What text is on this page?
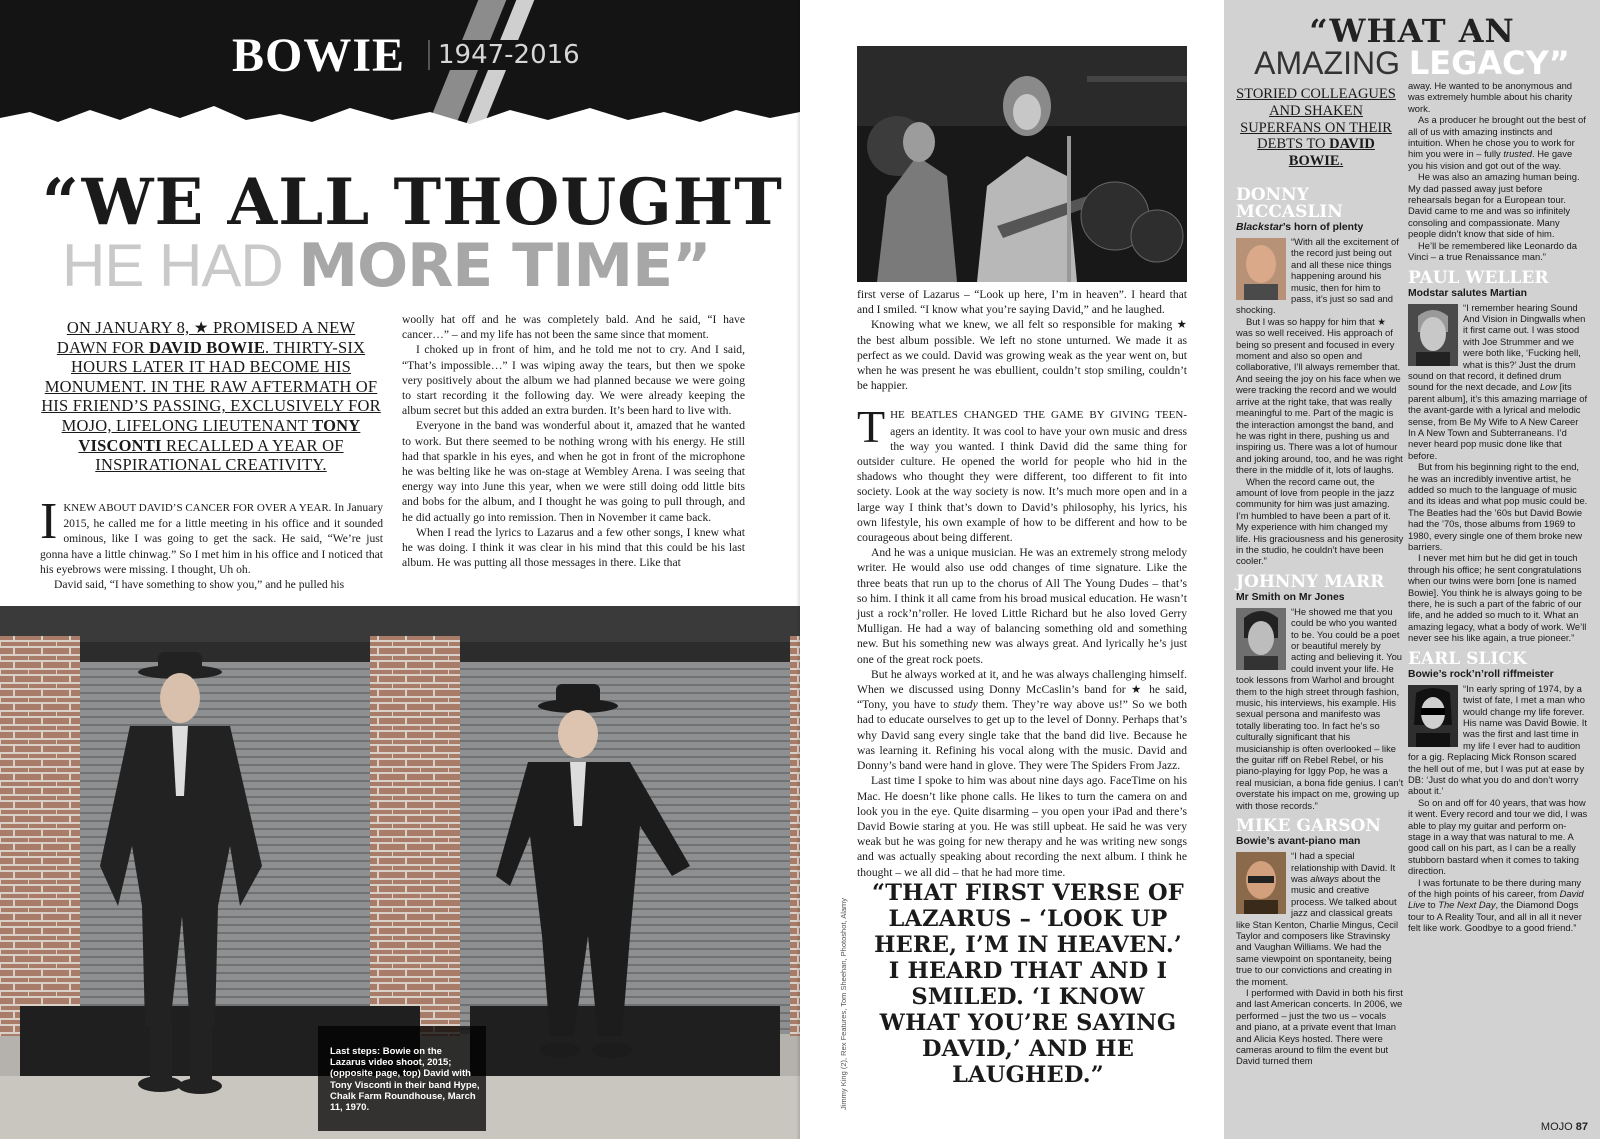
BOWIE	1947-2016
“WE ALL THOUGHT
HE HAD MORE TIME”
ON JANUARY 8, ★ PROMISED A NEW DAWN FOR DAVID BOWIE. THIRTY-SIX HOURS LATER IT HAD BECOME HIS MONUMENT. IN THE RAW AFTERMATH OF HIS FRIEND’S PASSING, EXCLUSIVELY FOR MOJO, LIFELONG LIEUTENANT TONY VISCONTI RECALLED A YEAR OF INSPIRATIONAL CREATIVITY.

IKNEW ABOUT DAVID’S CANCER FOR OVER A YEAR. In January 2015, he called me for a little meeting in his office and it sounded ominous, like I was going to get the sack. He said, “We’re just gonna have a little chinwag.” So I met him in his office and I noticed that his eyebrows were missing. I thought, Uh oh.

David said, “I have something to show you,” and he pulled his

woolly hat off and he was completely bald. And he said, “I have cancer…” – and my life has not been the same since that moment.

I choked up in front of him, and he told me not to cry. And I said, “That’s impossible…” I was wiping away the tears, but then we spoke very positively about the album we had planned because we were going to start recording it the following day. We were already keeping the album secret but this added an extra burden. It’s been hard to live with.

Everyone in the band was wonderful about it, amazed that he wanted to work. But there seemed to be nothing wrong with his energy. He still had that sparkle in his eyes, and when he got in front of the microphone he was belting like he was on-stage at Wembley Arena. I was seeing that energy way into June this year, when we were still doing odd little bits and bobs for the album, and I thought he was going to pull through, and he did actually go into remission. Then in November it came back.

When I read the lyrics to Lazarus and a few other songs, I knew what he was doing. I think it was clear in his mind that this could be his last album. He was putting all those messages in there. Like that

Last steps: Bowie on the Lazarus video shoot, 2015; (opposite page, top) David with Tony Visconti in their band Hype, Chalk Farm Roundhouse, March 11, 1970.

first verse of Lazarus – “Look up here, I’m in heaven”. I heard that and I smiled. “I know what you’re saying David,” and he laughed.

Knowing what we knew, we all felt so responsible for making ★ the best album possible. We left no stone unturned. We made it as perfect as we could. David was growing weak as the year went on, but when he was present he was ebullient, couldn’t stop smiling, couldn’t be happier.

THE BEATLES CHANGED THE GAME BY GIVING TEEN-agers an identity. It was cool to have your own music and dress the way you wanted. I think David did the same thing for outsider culture. He opened the world for people who hid in the shadows who thought they were different, too different to fit into society. Look at the way society is now. It’s much more open and in a large way I think that’s down to David’s philosophy, his lyrics, his own lifestyle, his own example of how to be different and how to be courageous about being different.

And he was a unique musician. He was an extremely strong melody writer. He would also use odd changes of time signature. Like the three beats that run up to the chorus of All The Young Dudes – that’s so him. I think it all came from his broad musical education. He wasn’t just a rock’n’roller. He loved Little Richard but he also loved Gerry Mulligan. He had a way of balancing something old and something new. But his something new was always great. And lyrically he’s just one of the great rock poets.

But he always worked at it, and he was always challenging himself. When we discussed using Donny McCaslin’s band for ★ he said, “Tony, you have to study them. They’re way above us!” So we both had to educate ourselves to get up to the level of Donny. Perhaps that’s why David sang every single take that the band did live. Because he was learning it. Refining his vocal along with the music. David and Donny’s band were hand in glove. They were The Spiders From Jazz.

Last time I spoke to him was about nine days ago. FaceTime on his Mac. He doesn’t like phone calls. He likes to turn the camera on and look you in the eye. Quite disarming – you open your iPad and there’s David Bowie staring at you. He was still upbeat. He said he was very weak but he was going for new therapy and he was writing new songs and was actually speaking about recording the next album. I think he thought – we all did – that he had more time.

“THAT FIRST VERSE OF LAZARUS – ‘LOOK UP HERE, I’M IN HEAVEN.’ I HEARD THAT AND I SMILED. ‘I KNOW WHAT YOU’RE SAYING DAVID,’ AND HE LAUGHED.”
“WHAT AN
AMAZING LEGACY”
STORIED COLLEAGUES AND SHAKEN SUPERFANS ON THEIR DEBTS TO DAVID BOWIE.
DONNY MCCASLIN
Blackstar’s horn of plenty

“With all the excitement of the record just being out and all these nice things happening around his music, then for him to pass, it’s just so sad and shocking.

But I was so happy for him that ★ was so well received. His approach of being so present and focused in every moment and also so open and collaborative, I’ll always remember that. And seeing the joy on his face when we were tracking the record and we would arrive at the right take, that was really meaningful to me. Part of the magic is the interaction amongst the band, and he was right in there, pushing us and inspiring us. There was a lot of humour and joking around, too, and he was right there in the middle of it, lots of laughs.

When the record came out, the amount of love from people in the jazz community for him was just amazing. I’m humbled to have been a part of it. My experience with him changed my life. His graciousness and his generosity in the studio, he couldn’t have been cooler.”

JOHNNY MARR
Mr Smith on Mr Jones

“He showed me that you could be who you wanted to be. You could be a poet or beautiful merely by acting and believing it. You could invent your life. He took lessons from Warhol and brought them to the high street through fashion, music, his interviews, his example. His sexual persona and manifesto was totally liberating too. In fact he’s so culturally significant that his musicianship is often overlooked – like the guitar riff on Rebel Rebel, or his piano-playing for Iggy Pop, he was a real musician, a bona fide genius. I can’t overstate his impact on me, growing up with those records.”

MIKE GARSON
Bowie’s avant-piano man

“I had a special relationship with David. It was always about the music and creative process. We talked about jazz and classical greats like Stan Kenton, Charlie Mingus, Cecil Taylor and composers like Stravinsky and Vaughan Williams. We had the same viewpoint on spontaneity, being true to our convictions and creating in the moment.

I performed with David in both his first and last American concerts. In 2006, we performed – just the two us – vocals and piano, at a private event that Iman and Alicia Keys hosted. There were cameras around to film the event but David turned them

away. He wanted to be anonymous and was extremely humble about his charity work.

As a producer he brought out the best of all of us with amazing instincts and intuition. When he chose you to work for him you were in – fully trusted. He gave you his vision and got out of the way.

He was also an amazing human being. My dad passed away just before rehearsals began for a European tour. David came to me and was so infinitely consoling and compassionate. Many people didn’t know that side of him.

He’ll be remembered like Leonardo da Vinci – a true Renaissance man.”

PAUL WELLER
Modstar salutes Martian

“I remember hearing Sound And Vision in Dingwalls when it first came out. I was stood with Joe Strummer and we were both like, ‘Fucking hell, what is this?’ Just the drum sound on that record, it defined drum sound for the next decade, and Low [its parent album], it’s this amazing marriage of the avant-garde with a lyrical and melodic sense, from Be My Wife to A New Career In A New Town and Subterraneans. I’d never heard pop music done like that before.

But from his beginning right to the end, he was an incredibly inventive artist, he added so much to the language of music and its ideas and what pop music could be. The Beatles had the ’60s but David Bowie had the ’70s, those albums from 1969 to 1980, every single one of them broke new barriers.

I never met him but he did get in touch through his office; he sent congratulations when our twins were born [one is named Bowie]. You think he is always going to be there, he is such a part of the fabric of our life, and he added so much to it. What an amazing legacy, what a body of work. We’ll never see his like again, a true pioneer.”

EARL SLICK
Bowie’s rock’n’roll riffmeister

“In early spring of 1974, by a twist of fate, I met a man who would change my life forever. His name was David Bowie. It was the first and last time in my life I ever had to audition for a gig. Replacing Mick Ronson scared the hell out of me, but I was put at ease by DB: ‘Just do what you do and don’t worry about it.’

So on and off for 40 years, that was how it went. Every record and tour we did, I was able to play my guitar and perform on-stage in a way that was natural to me. A good call on his part, as I can be a really stubborn bastard when it comes to taking direction.

I was fortunate to be there during many of the high points of his career, from David Live to The Next Day, the Diamond Dogs tour to A Reality Tour, and all in all it never felt like work. Goodbye to a good friend.”

MOJO 87
Jimmy King (2), Rex Features, Tom Sheehan, Photoshot, Alamy
